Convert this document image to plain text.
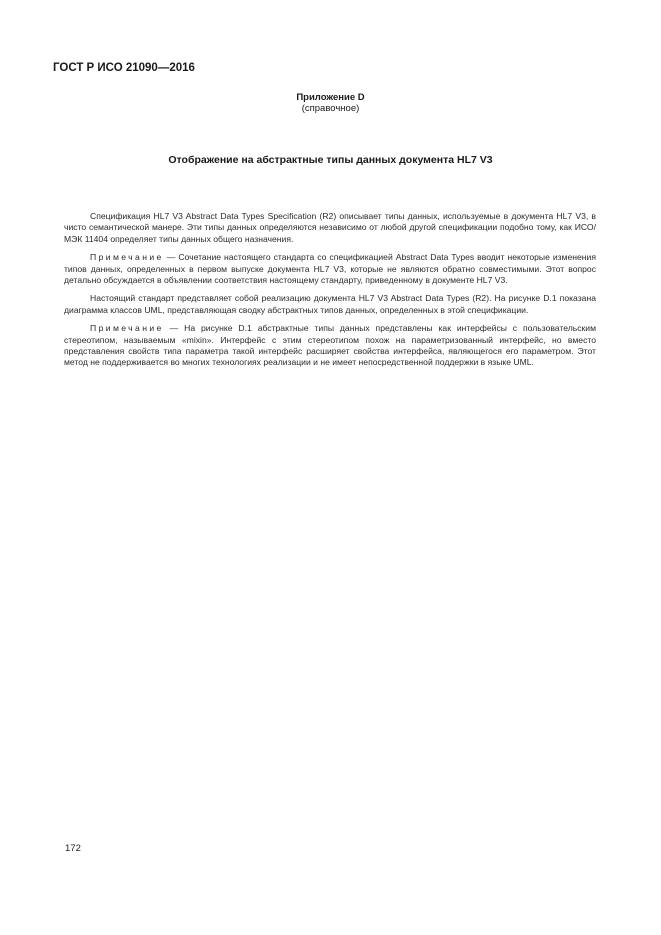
ГОСТ Р ИСО 21090—2016
Приложение D
(справочное)
Отображение на абстрактные типы данных документа HL7 V3

Спецификация HL7 V3 Abstract Data Types Specification (R2) описывает типы данных, используемые в документа HL7 V3, в чисто семантической манере. Эти типы данных определяются независимо от любой другой спецификации подобно тому, как ИСО/МЭК 11404 определяет типы данных общего назначения.

Примечание — Сочетание настоящего стандарта со спецификацией Abstract Data Types вводит некоторые изменения типов данных, определенных в первом выпуске документа HL7 V3, которые не являются обратно совместимыми. Этот вопрос детально обсуждается в объявлении соответствия настоящему стандарту, приведенному в документе HL7 V3.

Настоящий стандарт представляет собой реализацию документа HL7 V3 Abstract Data Types (R2). На рисунке D.1 показана диаграмма классов UML, представляющая сводку абстрактных типов данных, определенных в этой спецификации.

Примечание — На рисунке D.1 абстрактные типы данных представлены как интерфейсы с пользовательским стереотипом, называемым «mixin». Интерфейс с этим стереотипом похож на параметризованный интерфейс, но вместо представления свойств типа параметра такой интерфейс расширяет свойства интерфейса, являющегося его параметром. Этот метод не поддерживается во многих технологиях реализации и не имеет непосредственной поддержки в языке UML.

172
